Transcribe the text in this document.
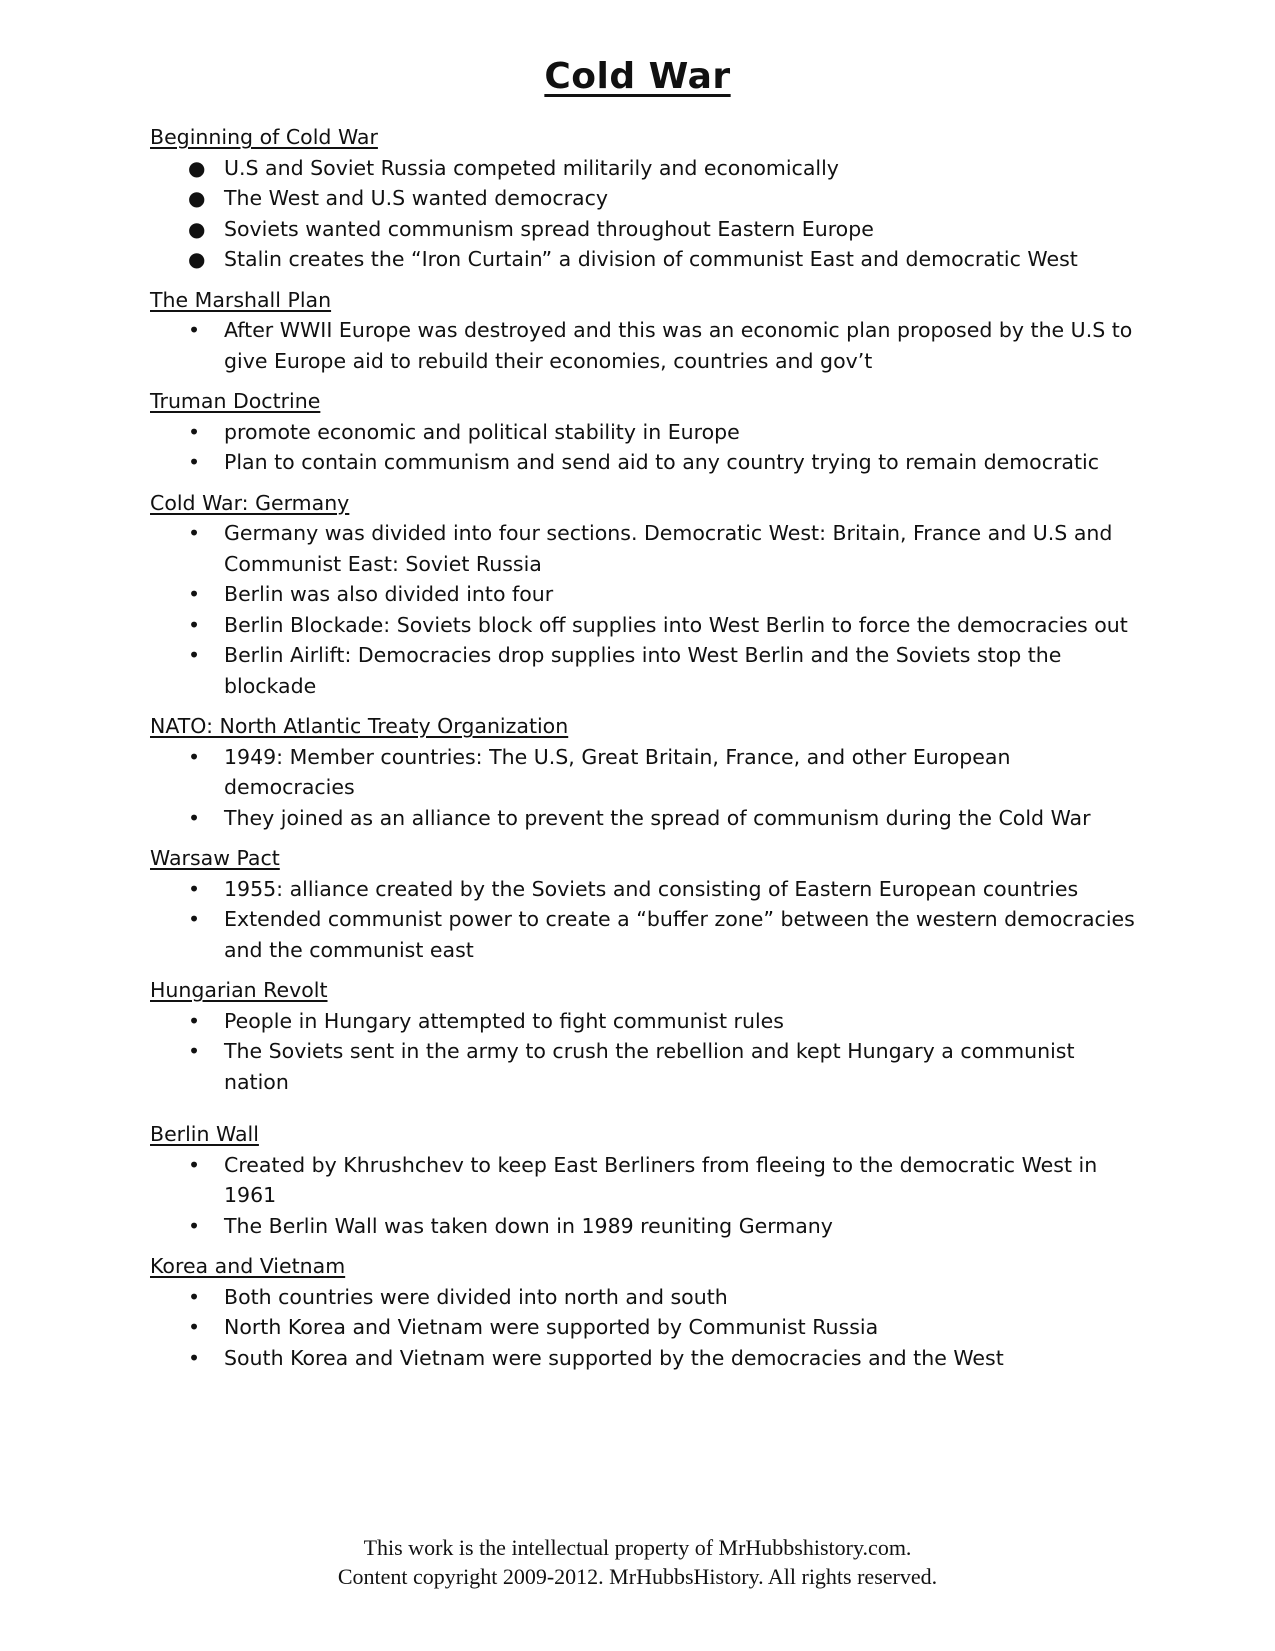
Cold War
Beginning of Cold War
● U.S and Soviet Russia competed militarily and economically
● The West and U.S wanted democracy
● Soviets wanted communism spread throughout Eastern Europe
● Stalin creates the “Iron Curtain” a division of communist East and democratic West
The Marshall Plan
• After WWII Europe was destroyed and this was an economic plan proposed by the U.S to give Europe aid to rebuild their economies, countries and gov’t
Truman Doctrine
• promote economic and political stability in Europe
• Plan to contain communism and send aid to any country trying to remain democratic
Cold War: Germany
• Germany was divided into four sections. Democratic West: Britain, France and U.S and Communist East: Soviet Russia
• Berlin was also divided into four
• Berlin Blockade: Soviets block off supplies into West Berlin to force the democracies out
• Berlin Airlift: Democracies drop supplies into West Berlin and the Soviets stop the blockade
NATO: North Atlantic Treaty Organization
• 1949: Member countries: The U.S, Great Britain, France, and other European democracies
• They joined as an alliance to prevent the spread of communism during the Cold War
Warsaw Pact
• 1955: alliance created by the Soviets and consisting of Eastern European countries
• Extended communist power to create a “buffer zone” between the western democracies and the communist east
Hungarian Revolt
• People in Hungary attempted to fight communist rules
• The Soviets sent in the army to crush the rebellion and kept Hungary a communist nation
Berlin Wall
• Created by Khrushchev to keep East Berliners from fleeing to the democratic West in 1961
• The Berlin Wall was taken down in 1989 reuniting Germany
Korea and Vietnam
• Both countries were divided into north and south
• North Korea and Vietnam were supported by Communist Russia
• South Korea and Vietnam were supported by the democracies and the West
This work is the intellectual property of MrHubbshistory.com.
Content copyright 2009-2012. MrHubbsHistory. All rights reserved.
